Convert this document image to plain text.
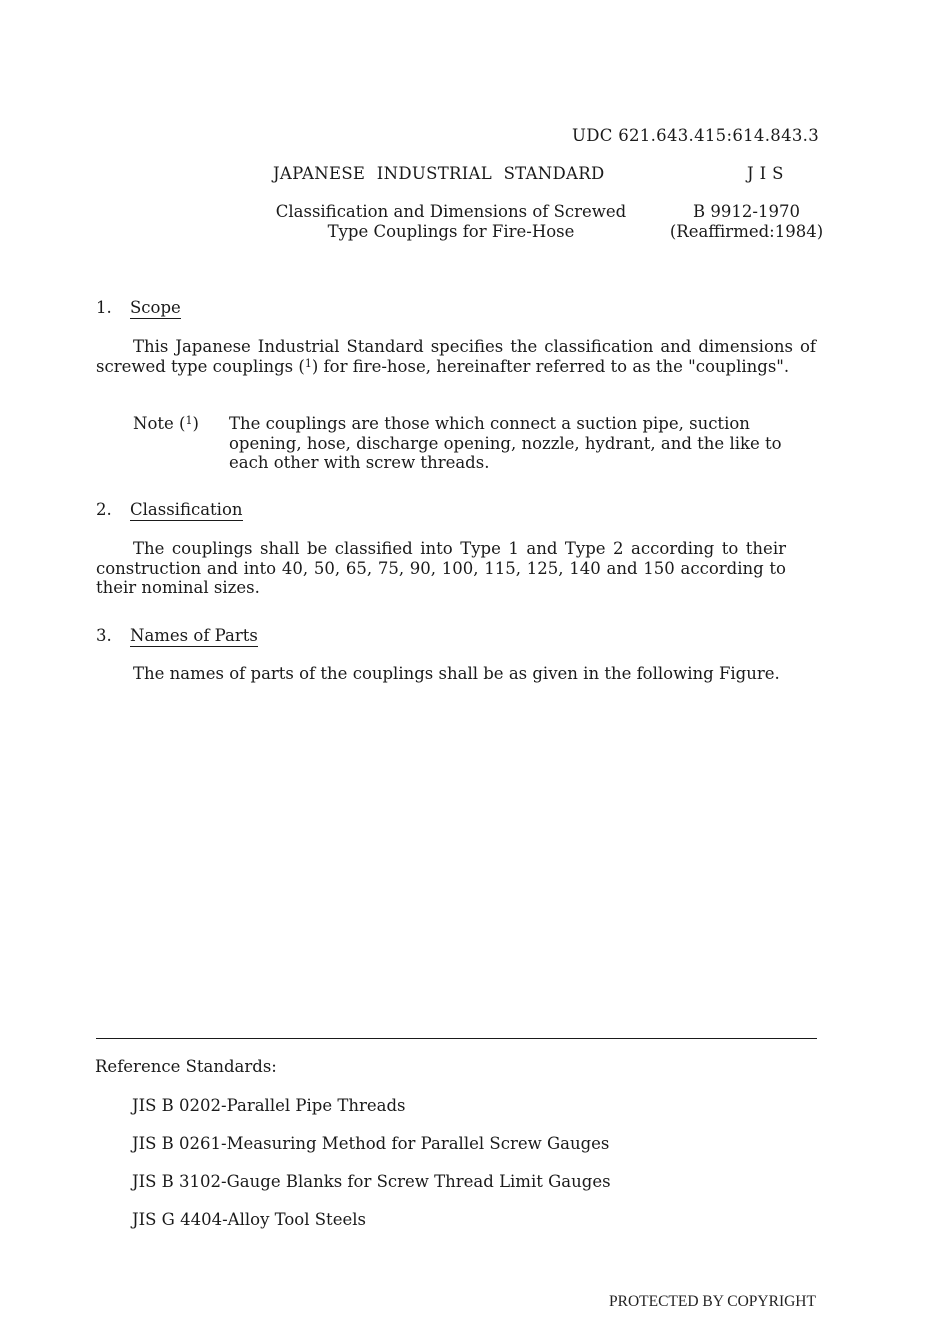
UDC 621.643.415:614.843.3
JAPANESE INDUSTRIAL STANDARD	JIS
Classification and Dimensions of Screwed
Type Couplings for Fire-Hose
B 9912-1970
(Reaffirmed:1984)
1. Scope

This Japanese Industrial Standard specifies the classification and dimensions of screwed type couplings ($^1$) for fire-hose, hereinafter referred to as the "couplings".

Note ($^1$) The couplings are those which connect a suction pipe, suction opening, hose, discharge opening, nozzle, hydrant, and the like to each other with screw threads.

2. Classification

The couplings shall be classified into Type 1 and Type 2 according to their construction and into 40, 50, 65, 75, 90, 100, 115, 125, 140 and 150 according to their nominal sizes.

3. Names of Parts

The names of parts of the couplings shall be as given in the following Figure.

Reference Standards:
JIS B 0202-Parallel Pipe Threads
JIS B 0261-Measuring Method for Parallel Screw Gauges
JIS B 3102-Gauge Blanks for Screw Thread Limit Gauges
JIS G 4404-Alloy Tool Steels
PROTECTED BY COPYRIGHT
